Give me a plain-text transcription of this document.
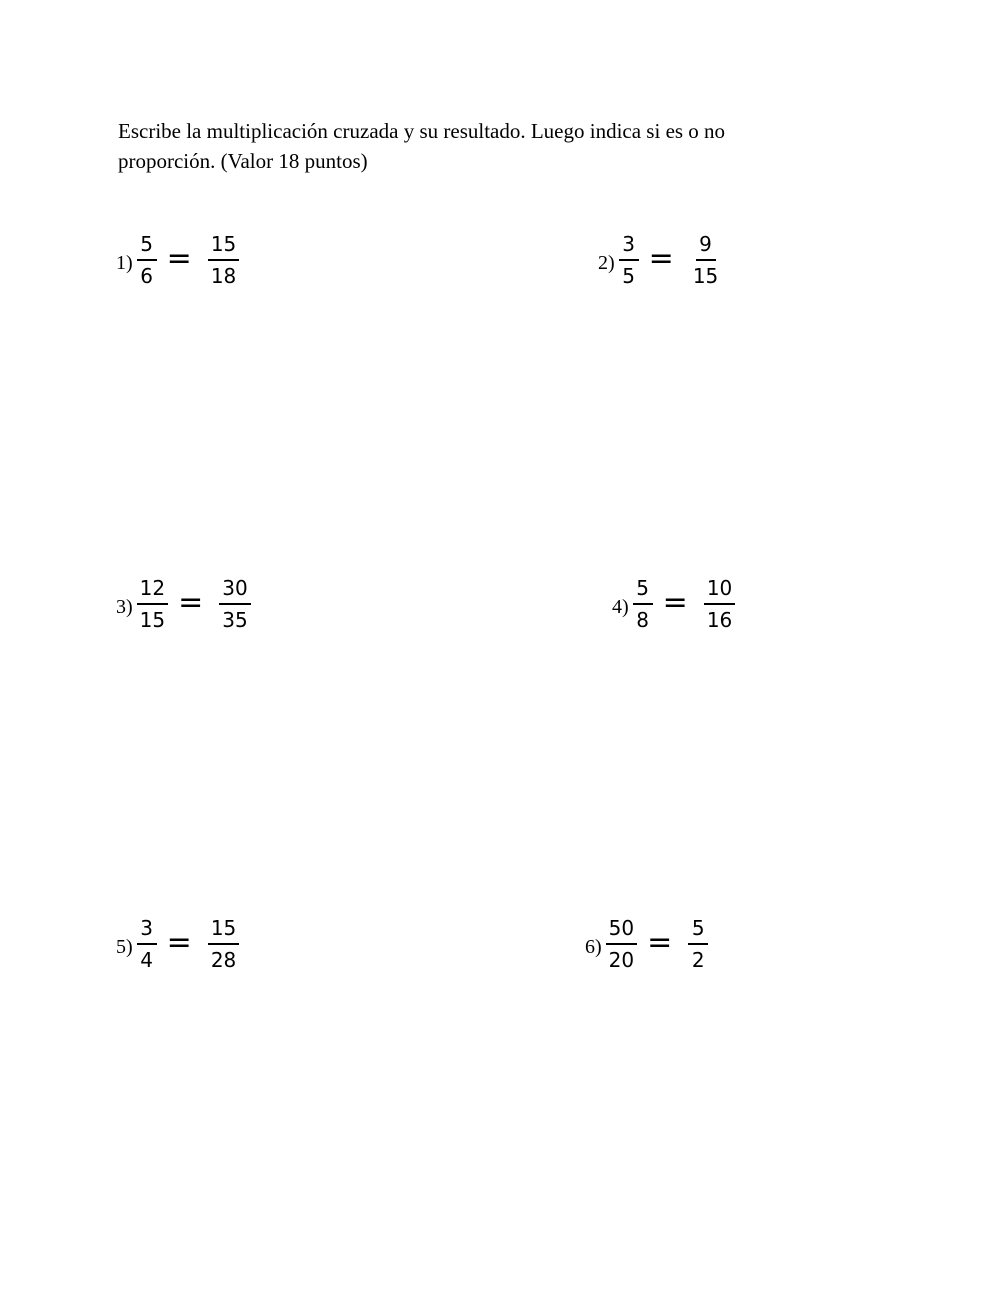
Escribe la multiplicación cruzada y su resultado. Luego indica si es o no
proporción. (Valor 18 puntos)

$1) \frac{5}{6} = \frac{15}{18}$	$2) \frac{3}{5} = \frac{9}{15}$
$3) \frac{12}{15} = \frac{30}{35}$	$4) \frac{5}{8} = \frac{10}{16}$
$5) \frac{3}{4} = \frac{15}{28}$	$6) \frac{50}{20} = \frac{5}{2}$
